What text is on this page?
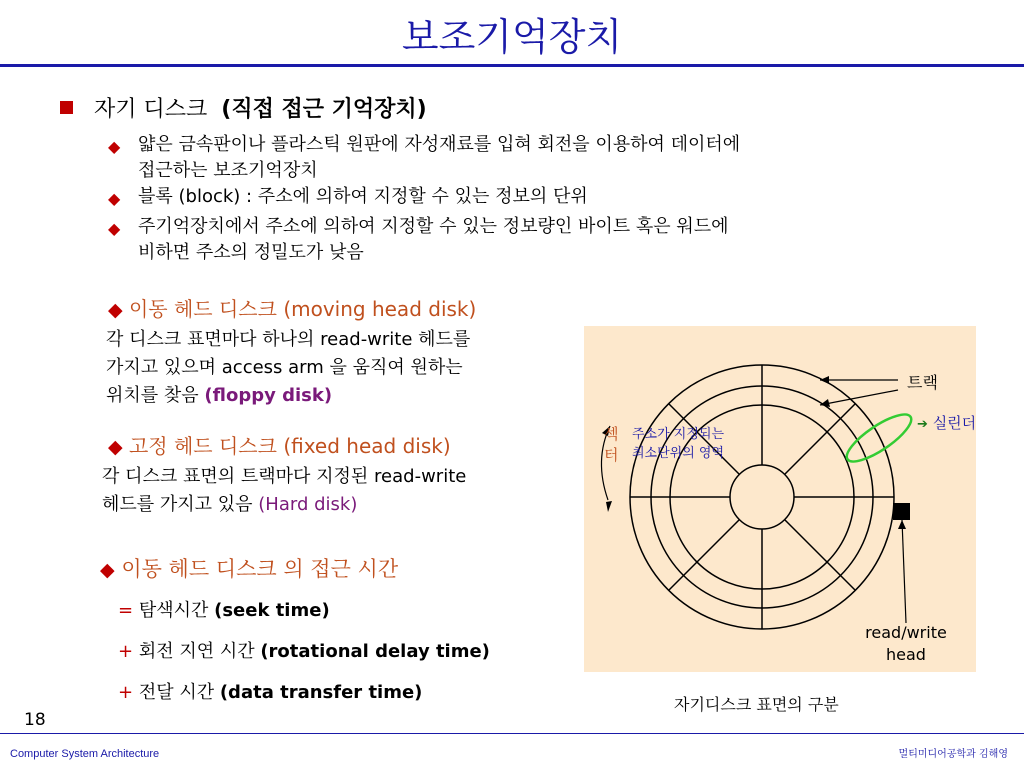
보조기억장치
자기 디스크 (직접 접근 기억장치)
◆ 얇은 금속판이나 플라스틱 원판에 자성재료를 입혀 회전을 이용하여 데이터에
접근하는 보조기억장치
◆ 블록 (block) : 주소에 의하여 지정할 수 있는 정보의 단위
◆ 주기억장치에서 주소에 의하여 지정할 수 있는 정보량인 바이트 혹은 워드에
비하면 주소의 정밀도가 낮음
◆ 이동 헤드 디스크 (moving head disk)
각 디스크 표면마다 하나의 read-write 헤드를
가지고 있으며 access arm 을 움직여 원하는
위치를 찾음 (floppy disk)
◆ 고정 헤드 디스크 (fixed head disk)
각 디스크 표면의 트랙마다 지정된 read-write
헤드를 가지고 있음 (Hard disk)
◆ 이동 헤드 디스크 의 접근 시간
= 탐색시간 (seek time)
+ 회전 지연 시간 (rotational delay time)
+ 전달 시간 (data transfer time)
트랙
➔ 실린더
섹
터
주소가 지정되는
최소단위의 영역
read/write
head
자기디스크 표면의 구분
18
Computer System Architecture	멀티미디어공학과 김해영
